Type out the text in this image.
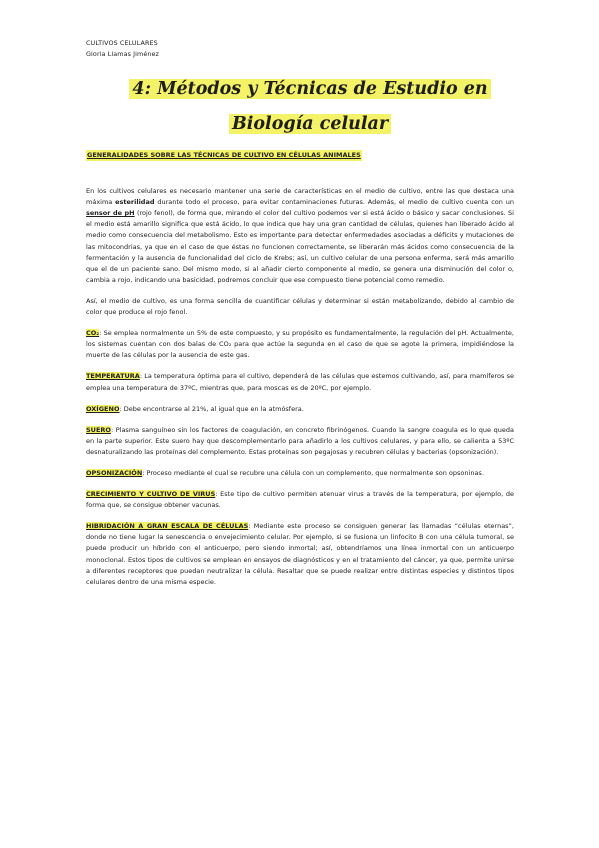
CULTIVOS CELULARES
Gloria Llamas Jiménez
4: Métodos y Técnicas de Estudio en
Biología celular

GENERALIDADES SOBRE LAS TÉCNICAS DE CULTIVO EN CÉLULAS ANIMALES

En los cultivos celulares es necesario mantener una serie de características en el medio de cultivo, entre las que destaca una máxima esterilidad durante todo el proceso, para evitar contaminaciones futuras. Además, el medio de cultivo cuenta con un sensor de pH (rojo fenol), de forma que, mirando el color del cultivo podemos ver si está ácido o básico y sacar conclusiones. Si el medio está amarillo significa que está ácido, lo que indica que hay una gran cantidad de células, quienes han liberado ácido al medio como consecuencia del metabolismo. Esto es importante para detectar enfermedades asociadas a déficits y mutaciones de las mitocondrias, ya que en el caso de que éstas no funcionen correctamente, se liberarán más ácidos como consecuencia de la fermentación y la ausencia de funcionalidad del ciclo de Krebs; así, un cultivo celular de una persona enferma, será más amarillo que el de un paciente sano. Del mismo modo, si al añadir cierto componente al medio, se genera una disminución del color o, cambia a rojo, indicando una basicidad, podremos concluir que ese compuesto tiene potencial como remedio.

Así, el medio de cultivo, es una forma sencilla de cuantificar células y determinar si están metabolizando, debido al cambio de color que produce el rojo fenol.

CO₂: Se emplea normalmente un 5% de este compuesto, y su propósito es fundamentalmente, la regulación del pH. Actualmente, los sistemas cuentan con dos balas de CO₂ para que actúe la segunda en el caso de que se agote la primera, impidiéndose la muerte de las células por la ausencia de este gas.

TEMPERATURA: La temperatura óptima para el cultivo, dependerá de las células que estemos cultivando, así, para mamíferos se emplea una temperatura de 37ºC, mientras que, para moscas es de 20ºC, por ejemplo.

OXÍGENO: Debe encontrarse al 21%, al igual que en la atmósfera.

SUERO: Plasma sanguíneo sin los factores de coagulación, en concreto fibrinógenos. Cuando la sangre coagula es lo que queda en la parte superior. Este suero hay que descomplementarlo para añadirlo a los cultivos celulares, y para ello, se calienta a 53ºC desnaturalizando las proteínas del complemento. Estas proteínas son pegajosas y recubren células y bacterias (opsonización).

OPSONIZACIÓN: Proceso mediante el cual se recubre una célula con un complemento, que normalmente son opsoninas.

CRECIMIENTO Y CULTIVO DE VIRUS: Este tipo de cultivo permiten atenuar virus a través de la temperatura, por ejemplo, de forma que, se consigue obtener vacunas.

HIBRIDACIÓN A GRAN ESCALA DE CÉLULAS: Mediante este proceso se consiguen generar las llamadas “células eternas”, donde no tiene lugar la senescencia o envejecimiento celular. Por ejemplo, si se fusiona un linfocito B con una célula tumoral, se puede producir un híbrido con el anticuerpo, pero siendo inmortal; así, obtendríamos una línea inmortal con un anticuerpo monoclonal. Estos tipos de cultivos se emplean en ensayos de diagnósticos y en el tratamiento del cáncer, ya que, permite unirse a diferentes receptores que puedan neutralizar la célula. Resaltar que se puede realizar entre distintas especies y distintos tipos celulares dentro de una misma especie.
